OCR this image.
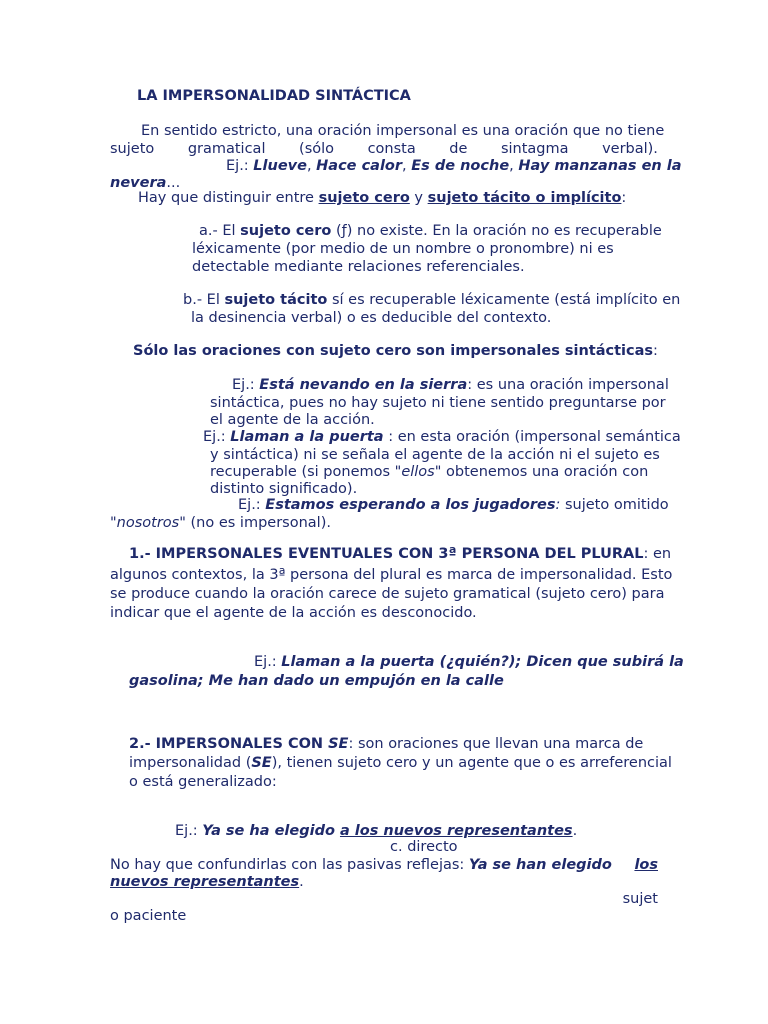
LA IMPERSONALIDAD SINTÁCTICA
En sentido estricto, una oración impersonal es una oración que no tiene
sujeto gramatical (sólo consta de sintagma verbal).
Ej.: Llueve, Hace calor, Es de noche, Hay manzanas en la
nevera...
Hay que distinguir entre sujeto cero y sujeto tácito o implícito:
a.- El sujeto cero (ƒ) no existe. En la oración no es recuperable
léxicamente (por medio de un nombre o pronombre) ni es
detectable mediante relaciones referenciales.
b.- El sujeto tácito sí es recuperable léxicamente (está implícito en
la desinencia verbal) o es deducible del contexto.
Sólo las oraciones con sujeto cero son impersonales sintácticas:
Ej.: Está nevando en la sierra: es una oración impersonal
sintáctica, pues no hay sujeto ni tiene sentido preguntarse por
el agente de la acción.
Ej.: Llaman a la puerta : en esta oración (impersonal semántica
y sintáctica) ni se señala el agente de la acción ni el sujeto es
recuperable (si ponemos "ellos" obtenemos una oración con
distinto significado).
Ej.: Estamos esperando a los jugadores: sujeto omitido
"nosotros" (no es impersonal).
1.- IMPERSONALES EVENTUALES CON 3ª PERSONA DEL PLURAL: en
algunos contextos, la 3ª persona del plural es marca de impersonalidad. Esto
se produce cuando la oración carece de sujeto gramatical (sujeto cero) para
indicar que el agente de la acción es desconocido.
Ej.: Llaman a la puerta (¿quién?); Dicen que subirá la
gasolina; Me han dado un empujón en la calle
2.- IMPERSONALES CON SE: son oraciones que llevan una marca de
impersonalidad (SE), tienen sujeto cero y un agente que o es arreferencial
o está generalizado:
Ej.: Ya se ha elegido a los nuevos representantes.
c. directo
No hay que confundirlas con las pasivas reflejas: Ya se han elegido los
nuevos representantes.
sujet
o paciente
